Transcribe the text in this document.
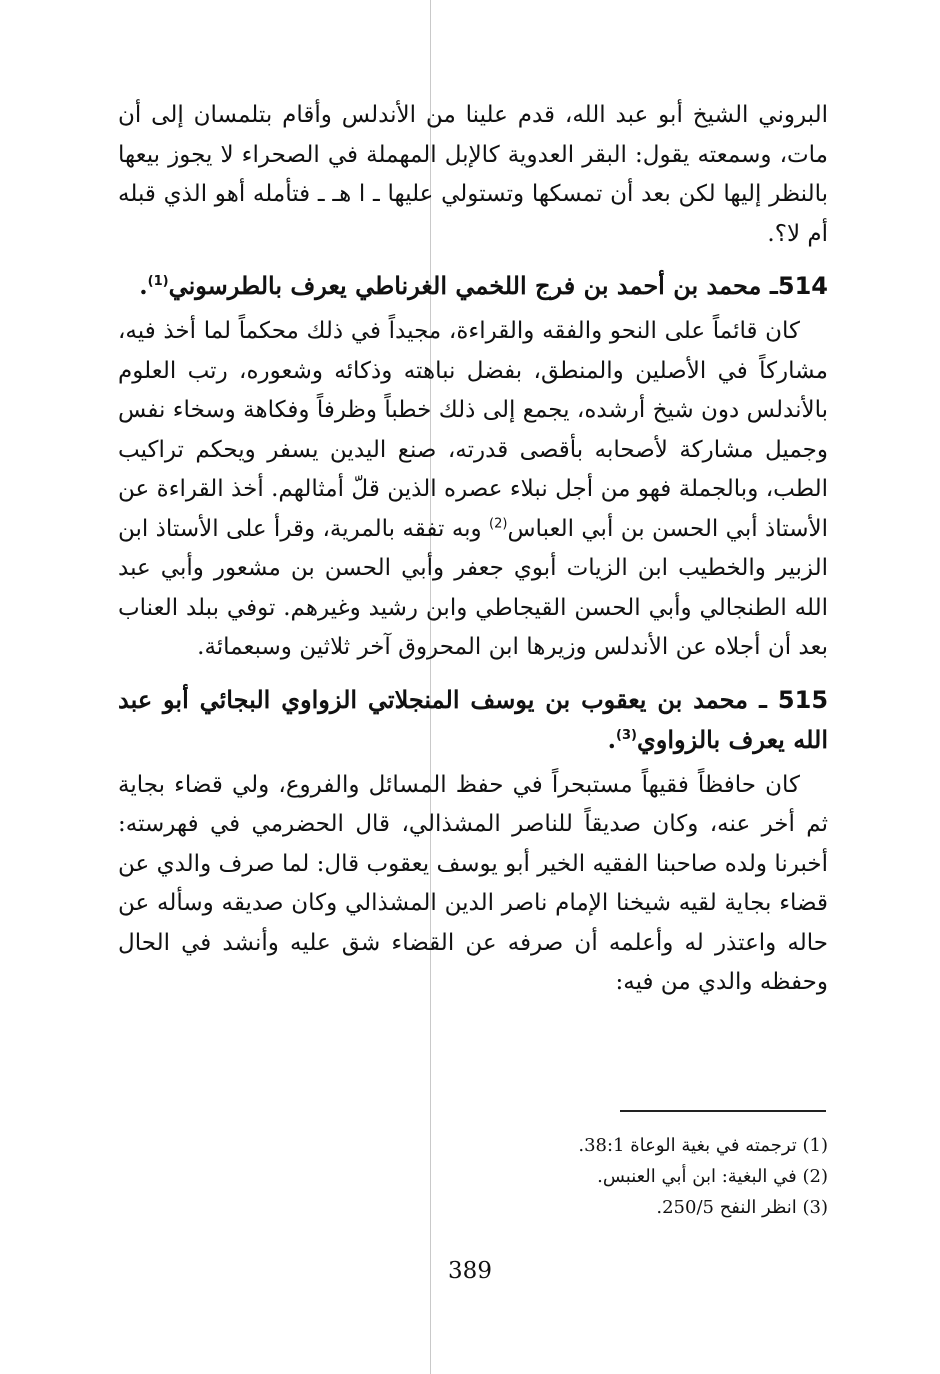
البروني الشيخ أبو عبد الله، قدم علينا من الأندلس وأقام بتلمسان إلى أن مات، وسمعته يقول: البقر العدوية كالإبل المهملة في الصحراء لا يجوز بيعها بالنظر إليها لكن بعد أن تمسكها وتستولي عليها ـ ا هـ ـ فتأمله أهو الذي قبله أم لا؟.

514ـ محمد بن أحمد بن فرج اللخمي الغرناطي يعرف بالطرسوني$^{(1)}$.

كان قائماً على النحو والفقه والقراءة، مجيداً في ذلك محكماً لما أخذ فيه، مشاركاً في الأصلين والمنطق، بفضل نباهته وذكائه وشعوره، رتب العلوم بالأندلس دون شيخ أرشده، يجمع إلى ذلك خطباً وظرفاً وفكاهة وسخاء نفس وجميل مشاركة لأصحابه بأقصى قدرته، صنع اليدين يسفر ويحكم تراكيب الطب، وبالجملة فهو من أجل نبلاء عصره الذين قلّ أمثالهم. أخذ القراءة عن الأستاذ أبي الحسن بن أبي العباس$^{(2)}$ وبه تفقه بالمرية، وقرأ على الأستاذ ابن الزبير والخطيب ابن الزيات أبوي جعفر وأبي الحسن بن مشعور وأبي عبد الله الطنجالي وأبي الحسن القيجاطي وابن رشيد وغيرهم. توفي ببلد العناب بعد أن أجلاه عن الأندلس وزيرها ابن المحروق آخر ثلاثين وسبعمائة.

515 ـ محمد بن يعقوب بن يوسف المنجلاتي الزواوي البجائي أبو عبد الله يعرف بالزواوي$^{(3)}$.

كان حافظاً فقيهاً مستبحراً في حفظ المسائل والفروع، ولي قضاء بجاية ثم أخر عنه، وكان صديقاً للناصر المشذالي، قال الحضرمي في فهرسته: أخبرنا ولده صاحبنا الفقيه الخير أبو يوسف يعقوب قال: لما صرف والدي عن قضاء بجاية لقيه شيخنا الإمام ناصر الدين المشذالي وكان صديقه وسأله عن حاله واعتذر له وأعلمه أن صرفه عن القضاء شق عليه وأنشد في الحال وحفظه والدي من فيه:

(1) ترجمته في بغية الوعاة 38:1.
(2) في البغية: ابن أبي العنبس.
(3) انظر النفح 250/5.
389
